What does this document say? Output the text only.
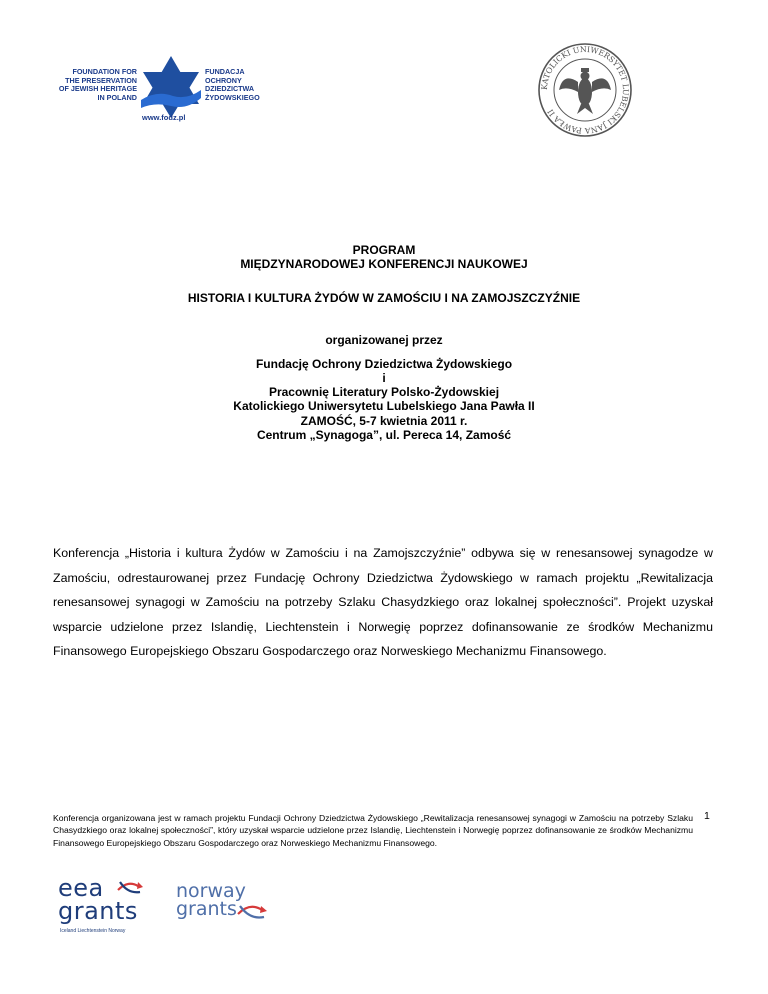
FOUNDATION FOR
THE PRESERVATION
OF JEWISH HERITAGE
IN POLAND
FUNDACJA
OCHRONY
DZIEDZICTWA
ŻYDOWSKIEGO
www.fodz.pl
KATOLICKI UNIWERSYTET LUBELSKI JANA PAWŁA II
PROGRAM
MIĘDZYNARODOWEJ KONFERENCJI NAUKOWEJ
HISTORIA I KULTURA ŻYDÓW W ZAMOŚCIU I NA ZAMOJSZCZYŹNIE
organizowanej przez
Fundację Ochrony Dziedzictwa Żydowskiego
i
Pracownię Literatury Polsko-Żydowskiej
Katolickiego Uniwersytetu Lubelskiego Jana Pawła II
ZAMOŚĆ, 5-7 kwietnia 2011 r.
Centrum „Synagoga”, ul. Pereca 14, Zamość
Konferencja „Historia i kultura Żydów w Zamościu i na Zamojszczyźnie” odbywa się w renesansowej synagodze w Zamościu, odrestaurowanej przez Fundację Ochrony Dziedzictwa Żydowskiego w ramach projektu „Rewitalizacja renesansowej synagogi w Zamościu na potrzeby Szlaku Chasydzkiego oraz lokalnej społeczności”. Projekt uzyskał wsparcie udzielone przez Islandię, Liechtenstein i Norwegię poprzez dofinansowanie ze środków Mechanizmu Finansowego Europejskiego Obszaru Gospodarczego oraz Norweskiego Mechanizmu Finansowego.
Konferencja organizowana jest w ramach projektu Fundacji Ochrony Dziedzictwa Żydowskiego „Rewitalizacja renesansowej synagogi w Zamościu na potrzeby Szlaku Chasydzkiego oraz lokalnej społeczności”, który uzyskał wsparcie udzielone przez Islandię, Liechtenstein i Norwegię poprzez dofinansowanie ze środków Mechanizmu Finansowego Europejskiego Obszaru Gospodarczego oraz Norweskiego Mechanizmu Finansowego.
1
eea
grants
Iceland Liechtenstein Norway
norway
grants
